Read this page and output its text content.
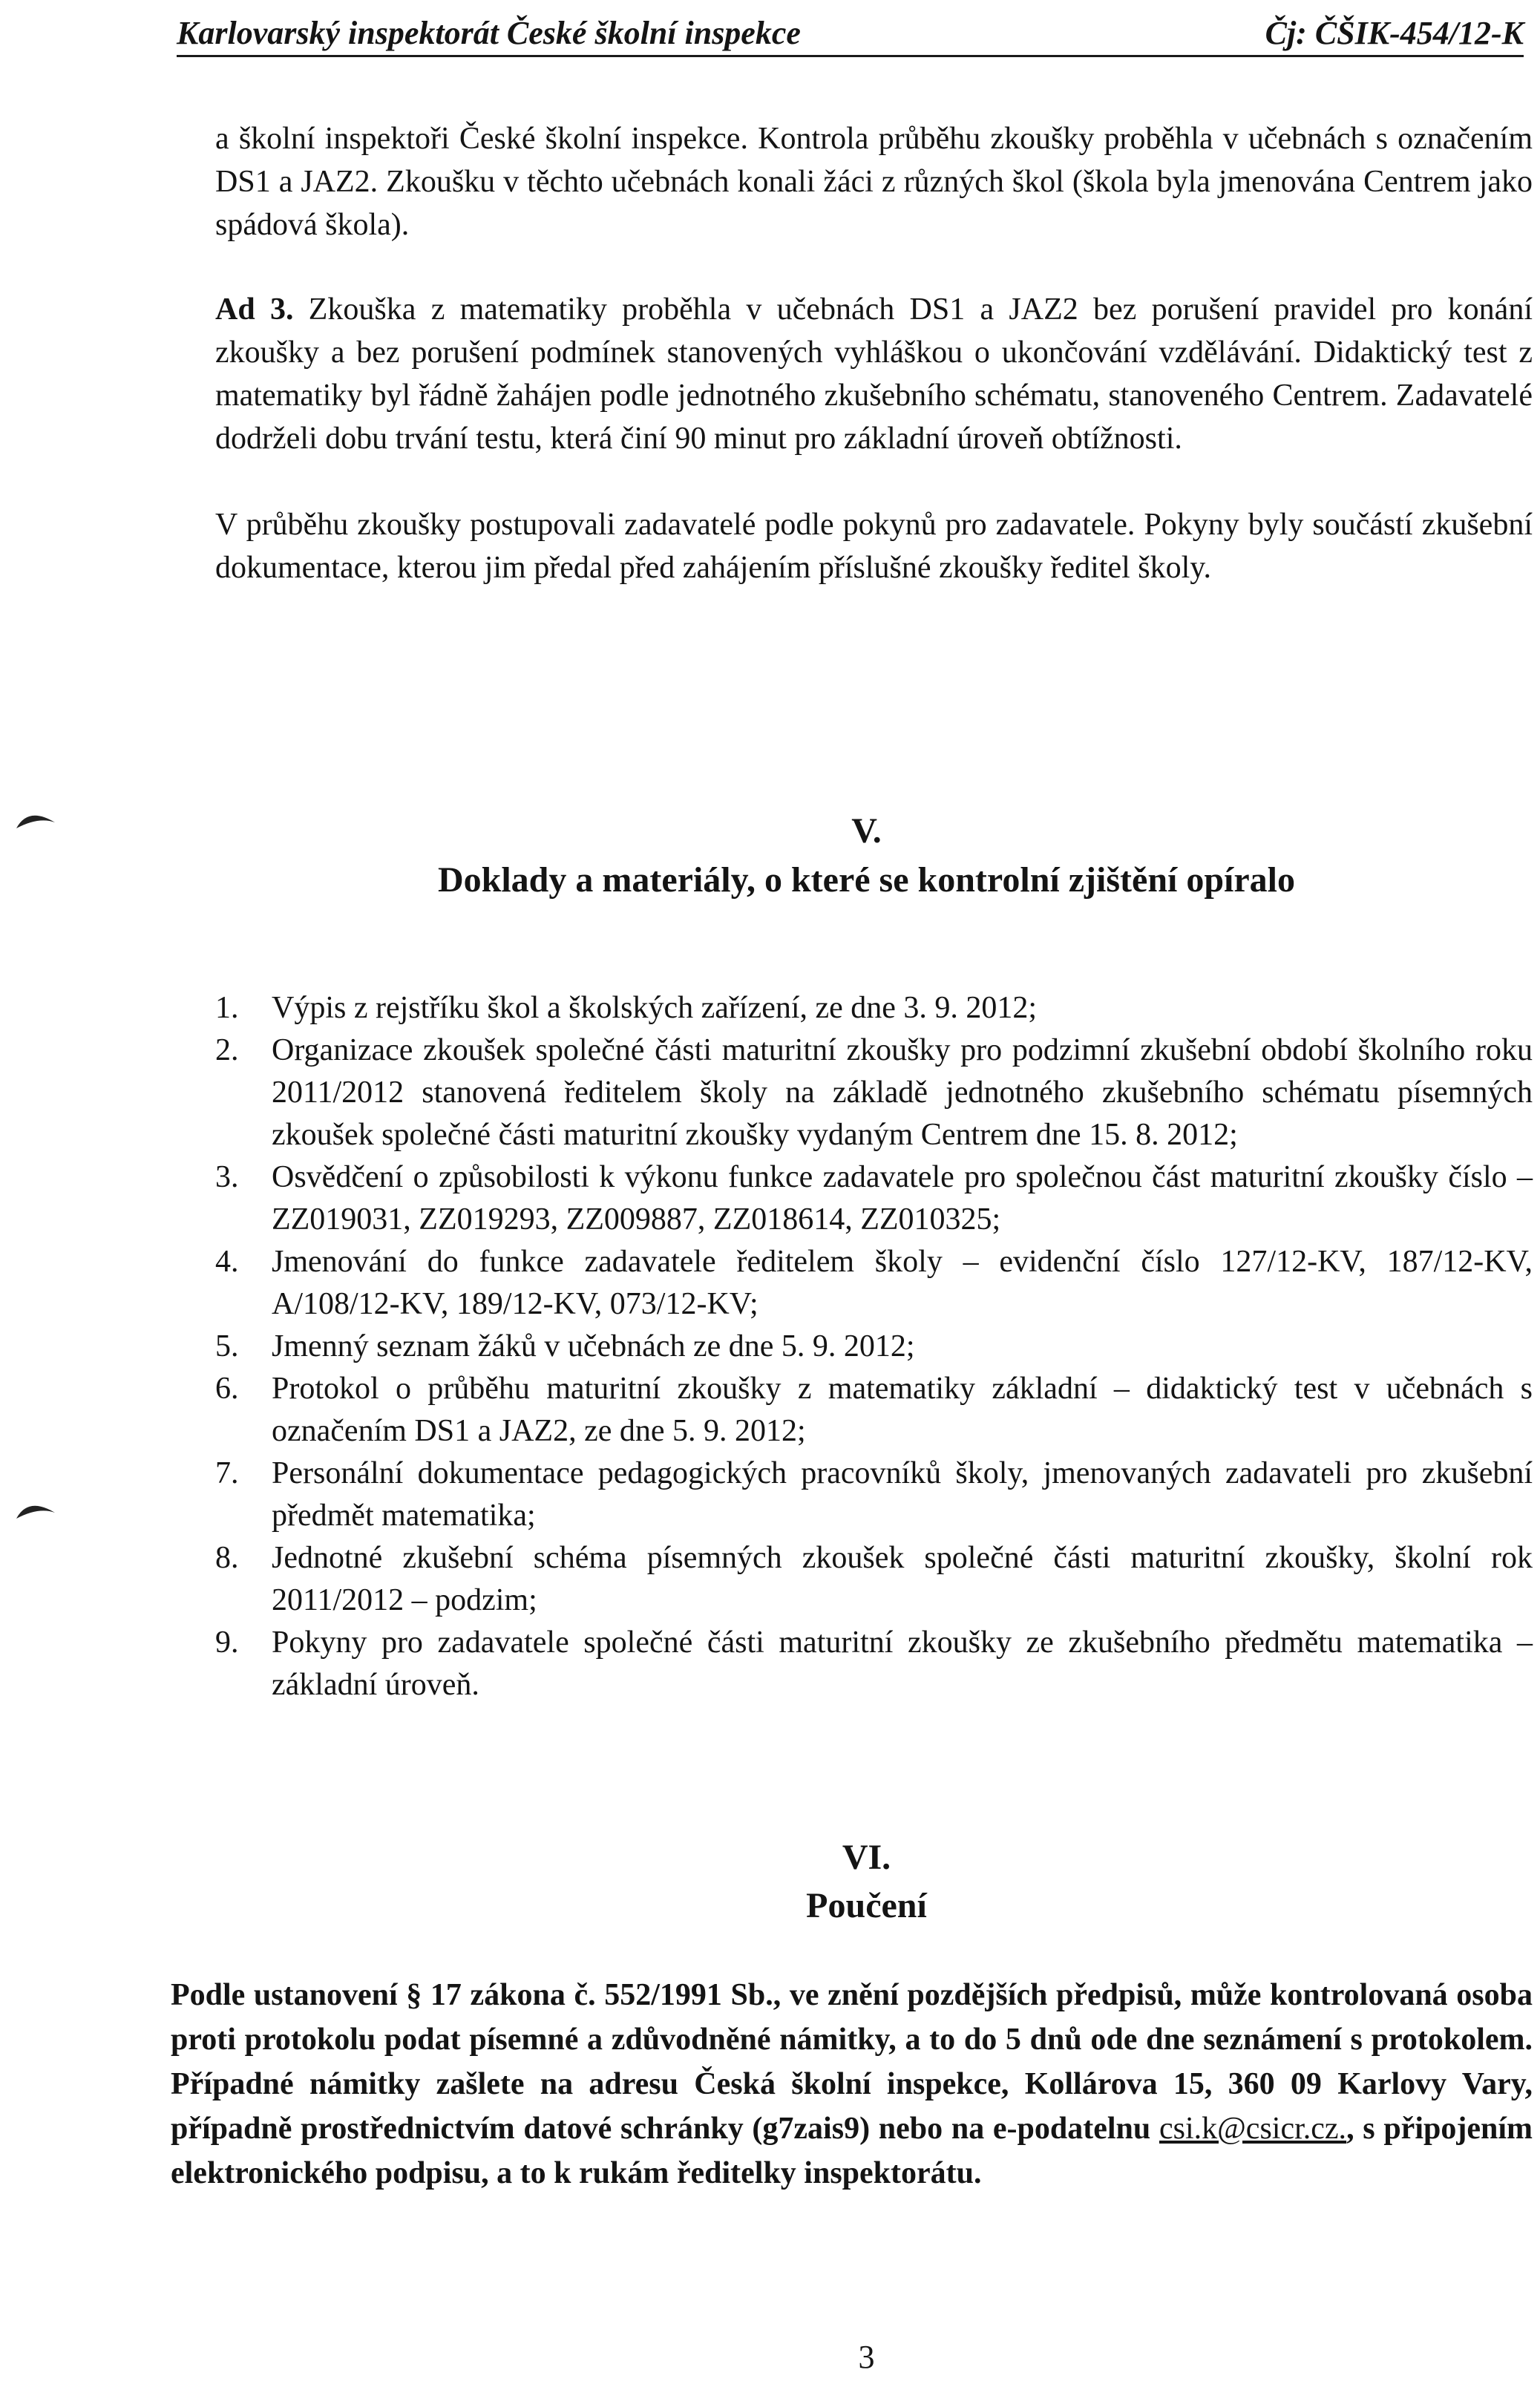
Karlovarský inspektorát České školní inspekce	Čj: ČŠIK-454/12-K

a školní inspektoři České školní inspekce. Kontrola průběhu zkoušky proběhla v učebnách s označením DS1 a JAZ2. Zkoušku v těchto učebnách konali žáci z různých škol (škola byla jmenována Centrem jako spádová škola).

Ad 3. Zkouška z matematiky proběhla v učebnách DS1 a JAZ2 bez porušení pravidel pro konání zkoušky a bez porušení podmínek stanovených vyhláškou o ukončování vzdělávání. Didaktický test z matematiky byl řádně žahájen podle jednotného zkušebního schématu, stanoveného Centrem. Zadavatelé dodrželi dobu trvání testu, která činí 90 minut pro základní úroveň obtížnosti.

V průběhu zkoušky postupovali zadavatelé podle pokynů pro zadavatele. Pokyny byly součástí zkušební dokumentace, kterou jim předal před zahájením příslušné zkoušky ředitel školy.

V.
Doklady a materiály, o které se kontrolní zjištění opíralo
1.	Výpis z rejstříku škol a školských zařízení, ze dne 3. 9. 2012;
2.	Organizace zkoušek společné části maturitní zkoušky pro podzimní zkušební období školního roku 2011/2012 stanovená ředitelem školy na základě jednotného zkušebního schématu písemných zkoušek společné části maturitní zkoušky vydaným Centrem dne 15. 8. 2012;
3.	Osvědčení o způsobilosti k výkonu funkce zadavatele pro společnou část maturitní zkoušky číslo – ZZ019031, ZZ019293, ZZ009887, ZZ018614, ZZ010325;
4.	Jmenování do funkce zadavatele ředitelem školy – evidenční číslo 127/12-KV, 187/12-KV, A/108/12-KV, 189/12-KV, 073/12-KV;
5.	Jmenný seznam žáků v učebnách ze dne 5. 9. 2012;
6.	Protokol o průběhu maturitní zkoušky z matematiky základní – didaktický test v učebnách s označením DS1 a JAZ2, ze dne 5. 9. 2012;
7.	Personální dokumentace pedagogických pracovníků školy, jmenovaných zadavateli pro zkušební předmět matematika;
8.	Jednotné zkušební schéma písemných zkoušek společné části maturitní zkoušky, školní rok 2011/2012 – podzim;
9.	Pokyny pro zadavatele společné části maturitní zkoušky ze zkušebního předmětu matematika – základní úroveň.
VI.
Poučení

Podle ustanovení § 17 zákona č. 552/1991 Sb., ve znění pozdějších předpisů, může kontrolovaná osoba proti protokolu podat písemné a zdůvodněné námitky, a to do 5 dnů ode dne seznámení s protokolem. Případné námitky zašlete na adresu Česká školní inspekce, Kollárova 15, 360 09 Karlovy Vary, případně prostřednictvím datové schránky (g7zais9) nebo na e-podatelnu csi.k@csicr.cz., s připojením elektronického podpisu, a to k rukám ředitelky inspektorátu.

3
